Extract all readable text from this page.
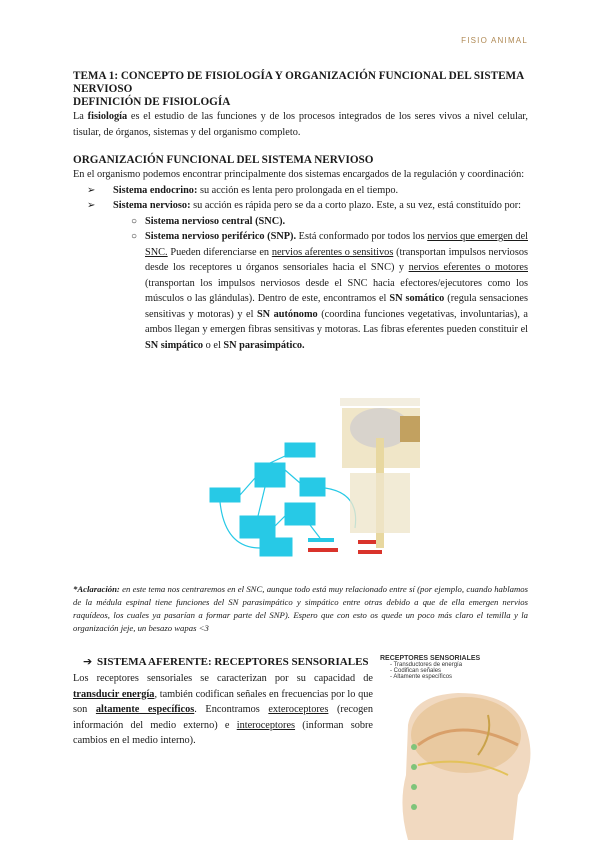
FISIO ANIMAL
TEMA 1: CONCEPTO DE FISIOLOGÍA Y ORGANIZACIÓN FUNCIONAL DEL SISTEMA NERVIOSO
DEFINICIÓN DE FISIOLOGÍA

La fisiología es el estudio de las funciones y de los procesos integrados de los seres vivos a nivel celular, tisular, de órganos, sistemas y del organismo completo.

ORGANIZACIÓN FUNCIONAL DEL SISTEMA NERVIOSO

En el organismo podemos encontrar principalmente dos sistemas encargados de la regulación y coordinación:

➢ Sistema endocrino: su acción es lenta pero prolongada en el tiempo.
➢ Sistema nervioso: su acción es rápida pero se da a corto plazo. Este, a su vez, está constituído por:
○ Sistema nervioso central (SNC).
○ Sistema nervioso periférico (SNP). Está conformado por todos los nervios que emergen del SNC. Pueden diferenciarse en nervios aferentes o sensitivos (transportan impulsos nerviosos desde los receptores u órganos sensoriales hacia el SNC) y nervios eferentes o motores (transportan los impulsos nerviosos desde el SNC hacia efectores/ejecutores como los músculos o las glándulas). Dentro de este, encontramos el SN somático (regula sensaciones sensitivas y motoras) y el SN autónomo (coordina funciones vegetativas, involuntarias), a ambos llegan y emergen fibras sensitivas y motoras. Las fibras eferentes pueden constituir el SN simpático o el SN parasimpático.
*Aclaración: en este tema nos centraremos en el SNC, aunque todo está muy relacionado entre sí (por ejemplo, cuando hablamos de la médula espinal tiene funciones del SN parasimpático y simpático entre otras debido a que de ella emergen nervios raquídeos, los cuales ya pasarían a formar parte del SNP). Espero que con esto os quede un poco más claro el temilla y la organización jeje, un besazo wapas <3
➔ SISTEMA AFERENTE: RECEPTORES SENSORIALES

Los receptores sensoriales se caracterizan por su capacidad de transducir energía, también codifican señales en frecuencias por lo que son altamente específicos. Encontramos exteroceptores (recogen información del medio externo) e interoceptores (informan sobre cambios en el medio interno).

RECEPTORES SENSORIALES
- Transductores de energía
- Codifican señales
- Altamente específicos
